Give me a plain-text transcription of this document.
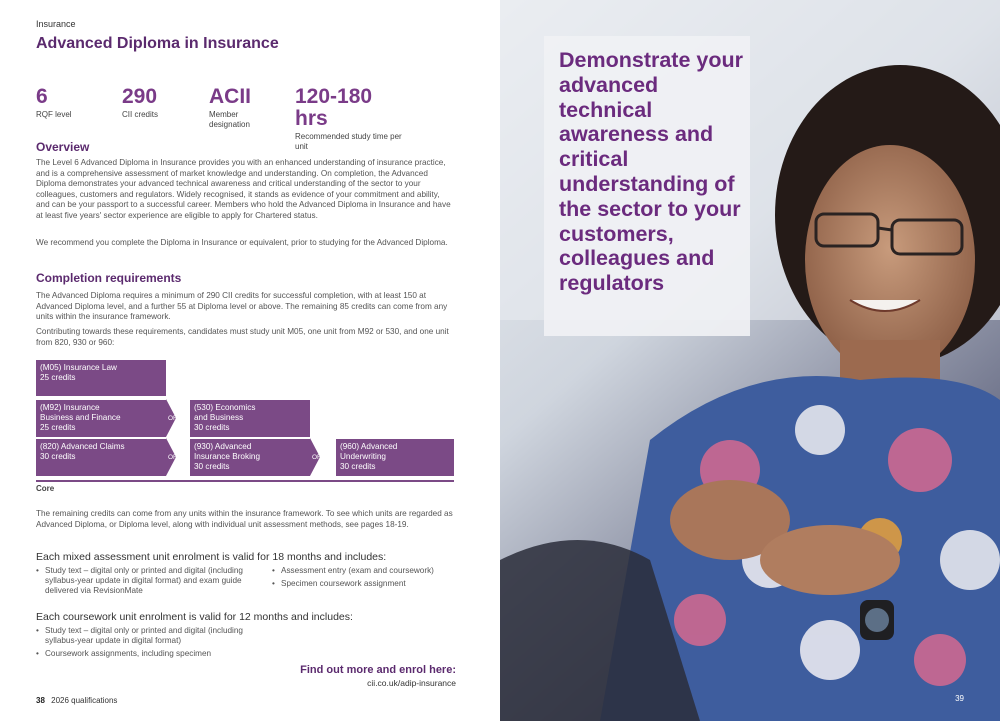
Insurance
Advanced Diploma in Insurance
6
RQF level
290
CII credits
ACII
Member designation
120-180 hrs
Recommended study time per unit
Overview

The Level 6 Advanced Diploma in Insurance provides you with an enhanced understanding of insurance practice, and is a comprehensive assessment of market knowledge and understanding. On completion, the Advanced Diploma demonstrates your advanced technical awareness and critical understanding of the sector to your colleagues, customers and regulators. Widely recognised, it stands as evidence of your commitment and ability, and can be your passport to a successful career. Members who hold the Advanced Diploma in Insurance and have at least five years' sector experience are eligible to apply for Chartered status.

We recommend you complete the Diploma in Insurance or equivalent, prior to studying for the Advanced Diploma.

Completion requirements

The Advanced Diploma requires a minimum of 290 CII credits for successful completion, with at least 150 at Advanced Diploma level, and a further 55 at Diploma level or above. The remaining 85 credits can come from any units within the insurance framework.

Contributing towards these requirements, candidates must study unit M05, one unit from M92 or 530, and one unit from 820, 930 or 960:

(M05) Insurance Law
25 credits
(M92) Insurance
Business and Finance
25 credits
OR
(530) Economics
and Business
30 credits
(820) Advanced Claims
30 credits	OR
(930) Advanced
Insurance Broking
30 credits
OR
(960) Advanced
Underwriting
30 credits
Core

The remaining credits can come from any units within the insurance framework. To see which units are regarded as Advanced Diploma, or Diploma level, along with individual unit assessment methods, see pages 18-19.

Each mixed assessment unit enrolment is valid for 18 months and includes:
• Study text – digital only or printed and digital (including syllabus-year update in digital format) and exam guide delivered via RevisionMate
• Assessment entry (exam and coursework)
• Specimen coursework assignment
Each coursework unit enrolment is valid for 12 months and includes:
• Study text – digital only or printed and digital (including syllabus-year update in digital format)
• Coursework assignments, including specimen
Find out more and enrol here:
cii.co.uk/adip-insurance
38 2026 qualifications
Demonstrate your advanced technical awareness and critical understanding of the sector to your customers, colleagues and regulators
39
